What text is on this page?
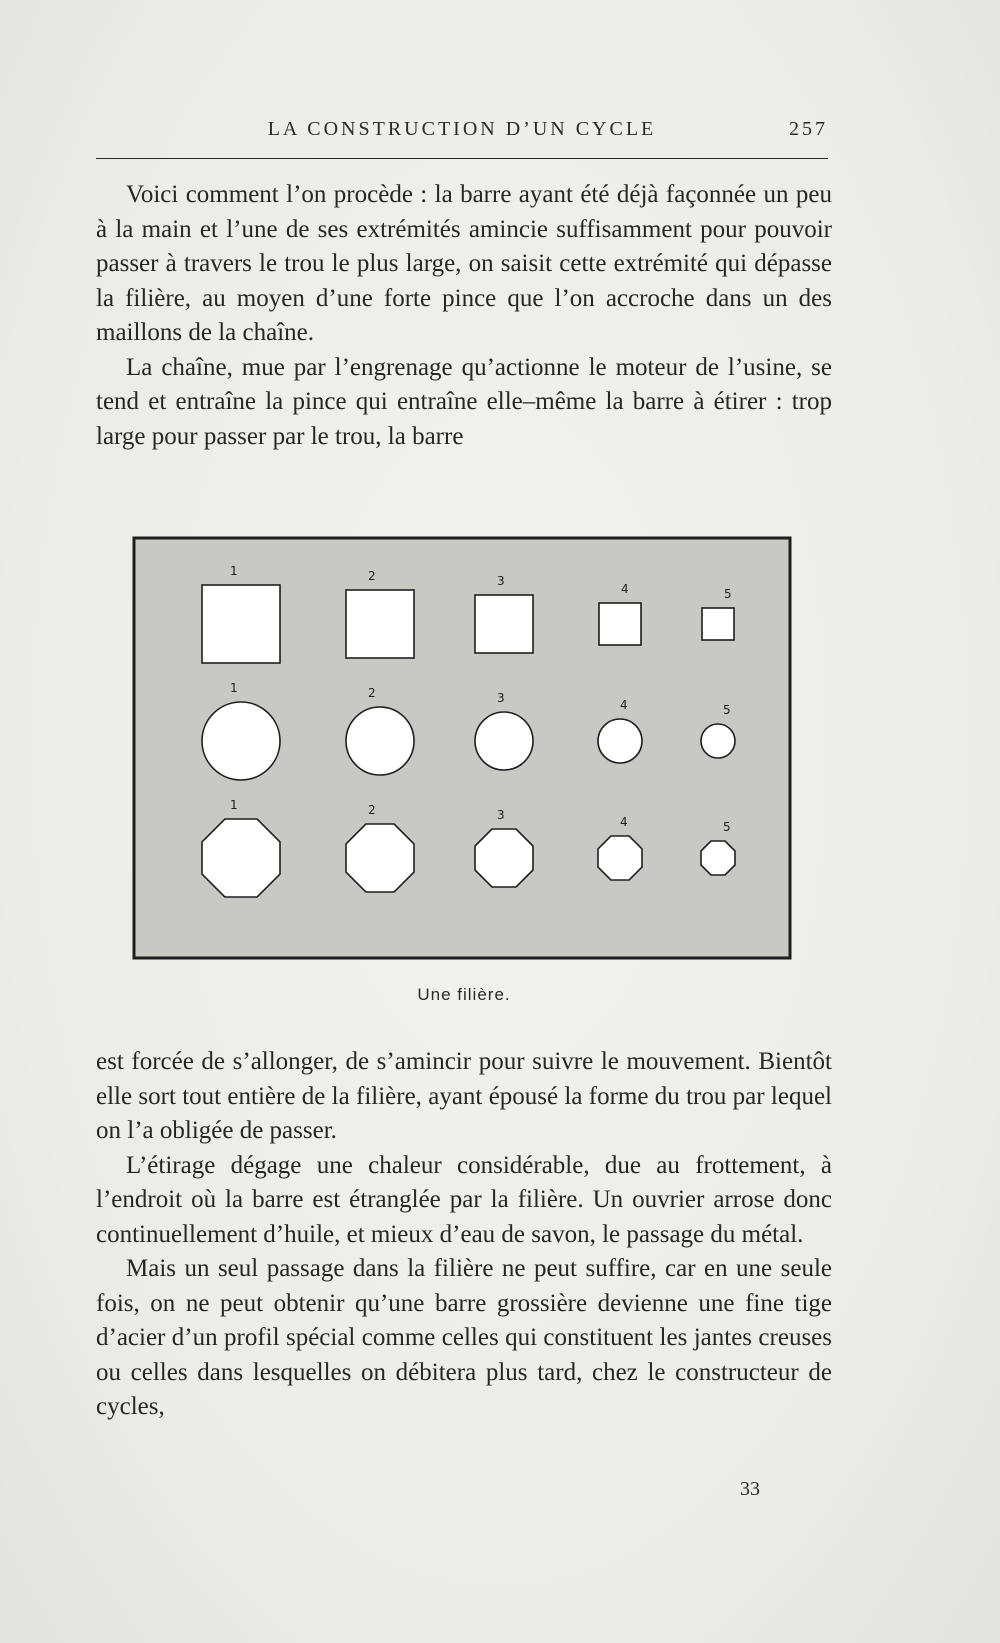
LA CONSTRUCTION D’UN CYCLE	257

Voici comment l’on procède : la barre ayant été déjà façonnée un peu à la main et l’une de ses extrémités amincie suffisamment pour pouvoir passer à travers le trou le plus large, on saisit cette extrémité qui dépasse la filière, au moyen d’une forte pince que l’on accroche dans un des maillons de la chaîne.

La chaîne, mue par l’engrenage qu’actionne le moteur de l’usine, se tend et entraîne la pince qui entraîne elle–même la barre à étirer : trop large pour passer par le trou, la barre

1	2	3
4	5
1	2	3	4	5
1	2	3	4	5
Une filière.

est forcée de s’allonger, de s’amincir pour suivre le mouvement. Bientôt elle sort tout entière de la filière, ayant épousé la forme du trou par lequel on l’a obligée de passer.

L’étirage dégage une chaleur considérable, due au frottement, à l’endroit où la barre est étranglée par la filière. Un ouvrier arrose donc continuellement d’huile, et mieux d’eau de savon, le passage du métal.

Mais un seul passage dans la filière ne peut suffire, car en une seule fois, on ne peut obtenir qu’une barre grossière devienne une fine tige d’acier d’un profil spécial comme celles qui constituent les jantes creuses ou celles dans lesquelles on débitera plus tard, chez le constructeur de cycles,

33
